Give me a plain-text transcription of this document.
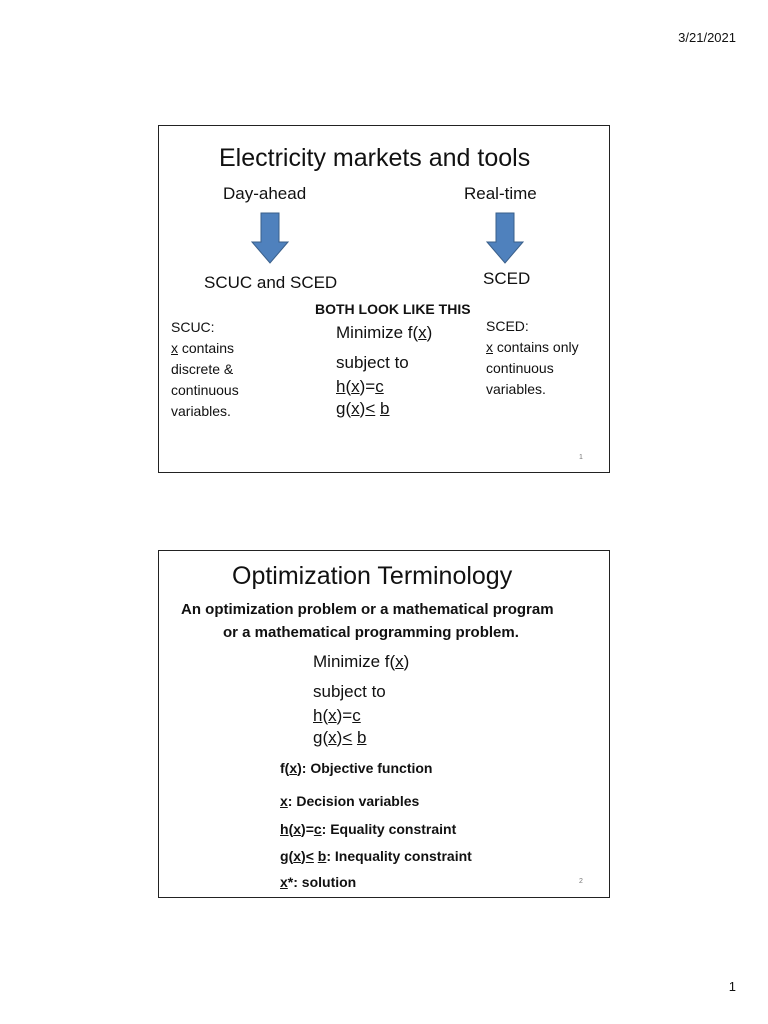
3/21/2021
Electricity markets and tools
Day-ahead	Real-time
SCUC and SCED	SCED
BOTH LOOK LIKE THIS
SCUC:
x contains
discrete &
continuous
variables.
Minimize f(x)
subject to
h(x)=c
g(x)< b
SCED:
x contains only
continuous
variables.
1
Optimization Terminology
An optimization problem or a mathematical program
or a mathematical programming problem.
Minimize f(x)
subject to
h(x)=c
g(x)< b
f(x): Objective function
x: Decision variables
h(x)=c: Equality constraint
g(x)< b: Inequality constraint
x*: solution	2
1
